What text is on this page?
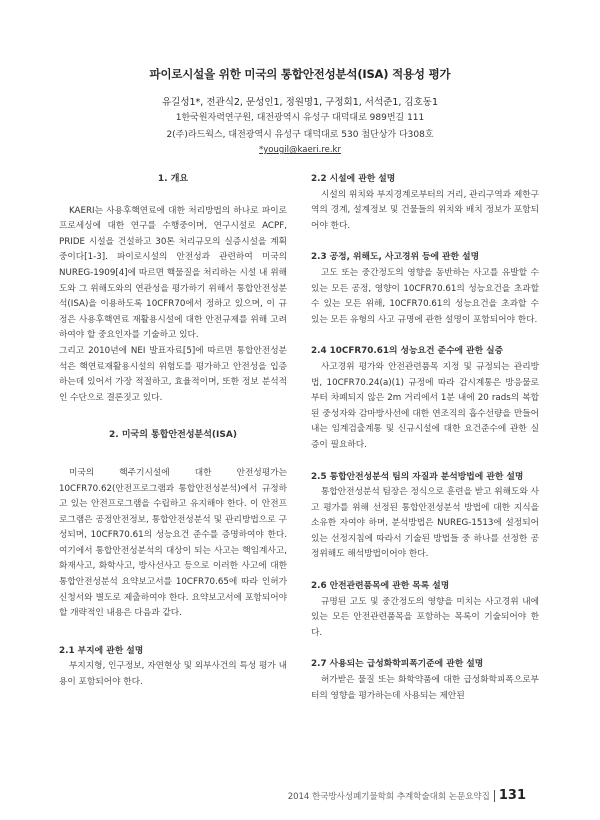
파이로시설을 위한 미국의 통합안전성분석(ISA) 적용성 평가
유길성1*, 전관식2, 문성인1, 정원명1, 구정회1, 서석준1, 김호동1
1한국원자력연구원, 대전광역시 유성구 대덕대로 989번길 111
2(주)라드웍스, 대전광역시 유성구 대덕대로 530 첨단상가 다308호
*yougil@kaeri.re.kr
1. 개요

KAERI는 사용후핵연료에 대한 처리방법의 하나로 파이로프로세싱에 대한 연구를 수행중이며, 연구시설로 ACPF, PRIDE 시설을 건설하고 30톤 처리규모의 실증시설을 계획 중이다[1-3]. 파이로시설의 안전성과 관련하여 미국의 NUREG-1909[4]에 따르면 핵물질을 처리하는 시설 내 위해도와 그 위해도와의 연관성을 평가하기 위해서 통합안전성분석(ISA)을 이용하도록 10CFR70에서 정하고 있으며, 이 규정은 사용후핵연료 재활용시설에 대한 안전규제를 위해 고려하여야 할 중요인자를 기술하고 있다.

그리고 2010년에 NEI 발표자료[5]에 따르면 통합안전성분석은 핵연료재활용시설의 위험도를 평가하고 안전성을 입증하는데 있어서 가장 적절하고, 효율적이며, 또한 정보 분석적인 수단으로 결론짓고 있다.

2. 미국의 통합안전성분석(ISA)

미국의 핵주기시설에 대한 안전성평가는 10CFR70.62(안전프로그램과 통합안전성분석)에서 규정하고 있는 안전프로그램을 수립하고 유지해야 한다. 이 안전프로그램은 공정안전정보, 통합안전성분석 및 관리방법으로 구성되며, 10CFR70.61의 성능요건 준수를 증명하여야 한다. 여기에서 통합안전성분석의 대상이 되는 사고는 핵임계사고, 화재사고, 화학사고, 방사선사고 등으로 이러한 사고에 대한 통합안전성분석 요약보고서를 10CFR70.65에 따라 인허가신청서와 별도로 제출하여야 한다. 요약보고서에 포함되어야 할 개략적인 내용은 다음과 같다.

2.1 부지에 관한 설명

부지지형, 인구정보, 자연현상 및 외부사건의 특성 평가 내용이 포함되어야 한다.

2.2 시설에 관한 설명

시설의 위치와 부지경계로부터의 거리, 관리구역과 제한구역의 경계, 설계정보 및 건물들의 위치와 배치 정보가 포함되어야 한다.

2.3 공정, 위해도, 사고경위 등에 관한 설명

고도 또는 중간정도의 영향을 동반하는 사고를 유발할 수 있는 모든 공정, 영향이 10CFR70.61의 성능요건을 초과할 수 있는 모든 위해, 10CFR70.61의 성능요건을 초과할 수 있는 모든 유형의 사고 규명에 관한 설명이 포함되어야 한다.

2.4 10CFR70.61의 성능요건 준수에 관한 실증

사고경위 평가와 안전관련품목 지정 및 규정되는 관리방법, 10CFR70.24(a)(1) 규정에 따라 감시계통은 방응물로부터 차폐되지 않은 2m 거리에서 1분 내에 20 rads의 복합된 중성자와 감마방사선에 대한 연조직의 흡수선량을 만들어내는 임계검출계통 및 신규시설에 대한 요건준수에 관한 실증이 필요하다.

2.5 통합안전성분석 팀의 자질과 분석방법에 관한 설명

통합안전성분석 팀장은 정식으로 훈련을 받고 위해도와 사고 평가를 위해 선정된 통합안전성분석 방법에 대한 지식을 소유한 자여야 하며, 분석방법은 NUREG-1513에 설정되어 있는 선정지침에 따라서 기술된 방법들 중 하나를 선정한 공정위해도 해석방법이어야 한다.

2.6 안전관련품목에 관한 목록 설명

규명된 고도 및 중간정도의 영향을 미치는 사고경위 내에 있는 모든 안전관련품목을 포함하는 목록이 기술되어야 한다.

2.7 사용되는 급성화학피폭기준에 관한 설명

허가받은 물질 또는 화학약품에 대한 급성화학피폭으로부터의 영향을 평가하는데 사용되는 제안된

2014 한국방사성폐기물학회 추계학술대회 논문요약집 131
